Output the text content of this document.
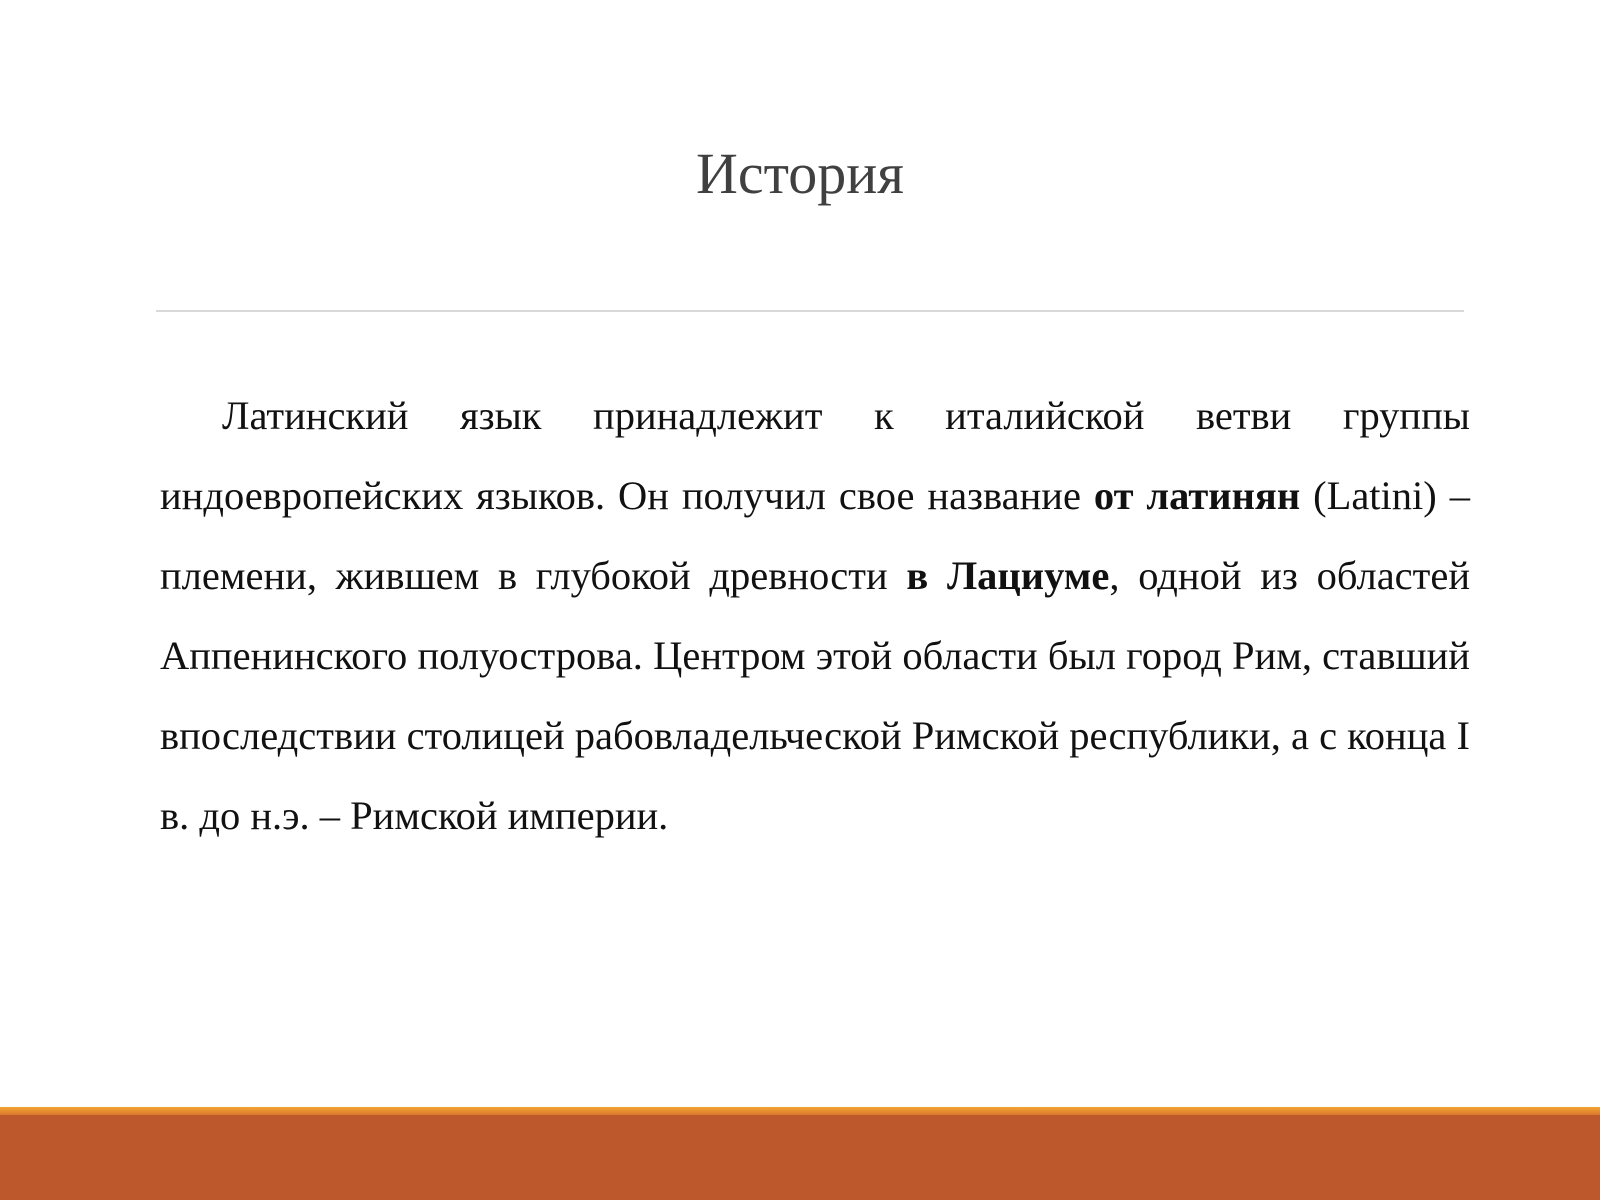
История

Латинский язык принадлежит к италийской ветви группы индоевропейских языков. Он получил свое название от латинян (Latini) – племени, жившем в глубокой древности в Лациуме, одной из областей Аппенинского полуострова. Центром этой области был город Рим, ставший впоследствии столицей рабовладельческой Римской республики, а с конца I в. до н.э. – Римской империи.
